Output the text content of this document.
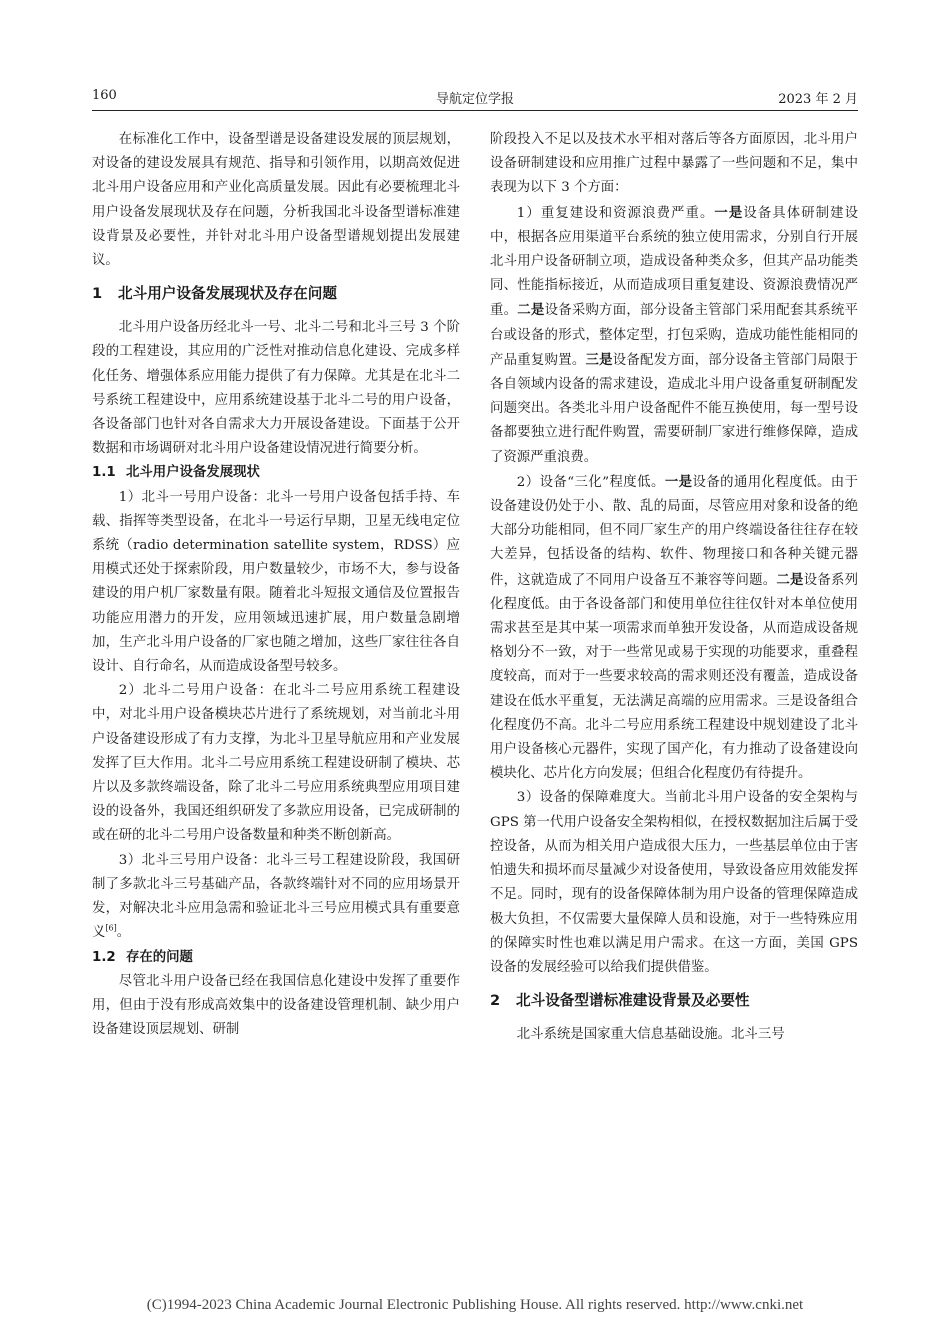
160	导航定位学报	2023 年 2 月

在标准化工作中，设备型谱是设备建设发展的顶层规划，对设备的建设发展具有规范、指导和引领作用，以期高效促进北斗用户设备应用和产业化高质量发展。因此有必要梳理北斗用户设备发展现状及存在问题，分析我国北斗设备型谱标准建设背景及必要性，并针对北斗用户设备型谱规划提出发展建议。

1 北斗用户设备发展现状及存在问题

北斗用户设备历经北斗一号、北斗二号和北斗三号 3 个阶段的工程建设，其应用的广泛性对推动信息化建设、完成多样化任务、增强体系应用能力提供了有力保障。尤其是在北斗二号系统工程建设中，应用系统建设基于北斗二号的用户设备，各设备部门也针对各自需求大力开展设备建设。下面基于公开数据和市场调研对北斗用户设备建设情况进行简要分析。

1.1 北斗用户设备发展现状

1）北斗一号用户设备：北斗一号用户设备包括手持、车载、指挥等类型设备，在北斗一号运行早期，卫星无线电定位系统（radio determination satellite system，RDSS）应用模式还处于探索阶段，用户数量较少，市场不大，参与设备建设的用户机厂家数量有限。随着北斗短报文通信及位置报告功能应用潜力的开发，应用领域迅速扩展，用户数量急剧增加，生产北斗用户设备的厂家也随之增加，这些厂家往往各自设计、自行命名，从而造成设备型号较多。

2）北斗二号用户设备：在北斗二号应用系统工程建设中，对北斗用户设备模块芯片进行了系统规划，对当前北斗用户设备建设形成了有力支撑，为北斗卫星导航应用和产业发展发挥了巨大作用。北斗二号应用系统工程建设研制了模块、芯片以及多款终端设备，除了北斗二号应用系统典型应用项目建设的设备外，我国还组织研发了多款应用设备，已完成研制的或在研的北斗二号用户设备数量和种类不断创新高。

3）北斗三号用户设备：北斗三号工程建设阶段，我国研制了多款北斗三号基础产品，各款终端针对不同的应用场景开发，对解决北斗应用急需和验证北斗三号应用模式具有重要意义[6]。

1.2 存在的问题

尽管北斗用户设备已经在我国信息化建设中发挥了重要作用，但由于没有形成高效集中的设备建设管理机制、缺少用户设备建设顶层规划、研制

阶段投入不足以及技术水平相对落后等各方面原因，北斗用户设备研制建设和应用推广过程中暴露了一些问题和不足，集中表现为以下 3 个方面：

1）重复建设和资源浪费严重。一是设备具体研制建设中，根据各应用渠道平台系统的独立使用需求，分别自行开展北斗用户设备研制立项，造成设备种类众多，但其产品功能类同、性能指标接近，从而造成项目重复建设、资源浪费情况严重。二是设备采购方面，部分设备主管部门采用配套其系统平台或设备的形式，整体定型，打包采购，造成功能性能相同的产品重复购置。三是设备配发方面，部分设备主管部门局限于各自领域内设备的需求建设，造成北斗用户设备重复研制配发问题突出。各类北斗用户设备配件不能互换使用，每一型号设备都要独立进行配件购置，需要研制厂家进行维修保障，造成了资源严重浪费。

2）设备“三化”程度低。一是设备的通用化程度低。由于设备建设仍处于小、散、乱的局面，尽管应用对象和设备的绝大部分功能相同，但不同厂家生产的用户终端设备往往存在较大差异，包括设备的结构、软件、物理接口和各种关键元器件，这就造成了不同用户设备互不兼容等问题。二是设备系列化程度低。由于各设备部门和使用单位往往仅针对本单位使用需求甚至是其中某一项需求而单独开发设备，从而造成设备规格划分不一致，对于一些常见或易于实现的功能要求，重叠程度较高，而对于一些要求较高的需求则还没有覆盖，造成设备建设在低水平重复，无法满足高端的应用需求。三是设备组合化程度仍不高。北斗二号应用系统工程建设中规划建设了北斗用户设备核心元器件，实现了国产化，有力推动了设备建设向模块化、芯片化方向发展；但组合化程度仍有待提升。

3）设备的保障难度大。当前北斗用户设备的安全架构与 GPS 第一代用户设备安全架构相似，在授权数据加注后属于受控设备，从而为相关用户造成很大压力，一些基层单位由于害怕遗失和损坏而尽量减少对设备使用，导致设备应用效能发挥不足。同时，现有的设备保障体制为用户设备的管理保障造成极大负担，不仅需要大量保障人员和设施，对于一些特殊应用的保障实时性也难以满足用户需求。在这一方面，美国 GPS 设备的发展经验可以给我们提供借鉴。

2 北斗设备型谱标准建设背景及必要性

北斗系统是国家重大信息基础设施。北斗三号

(C)1994-2023 China Academic Journal Electronic Publishing House. All rights reserved. http://www.cnki.net
